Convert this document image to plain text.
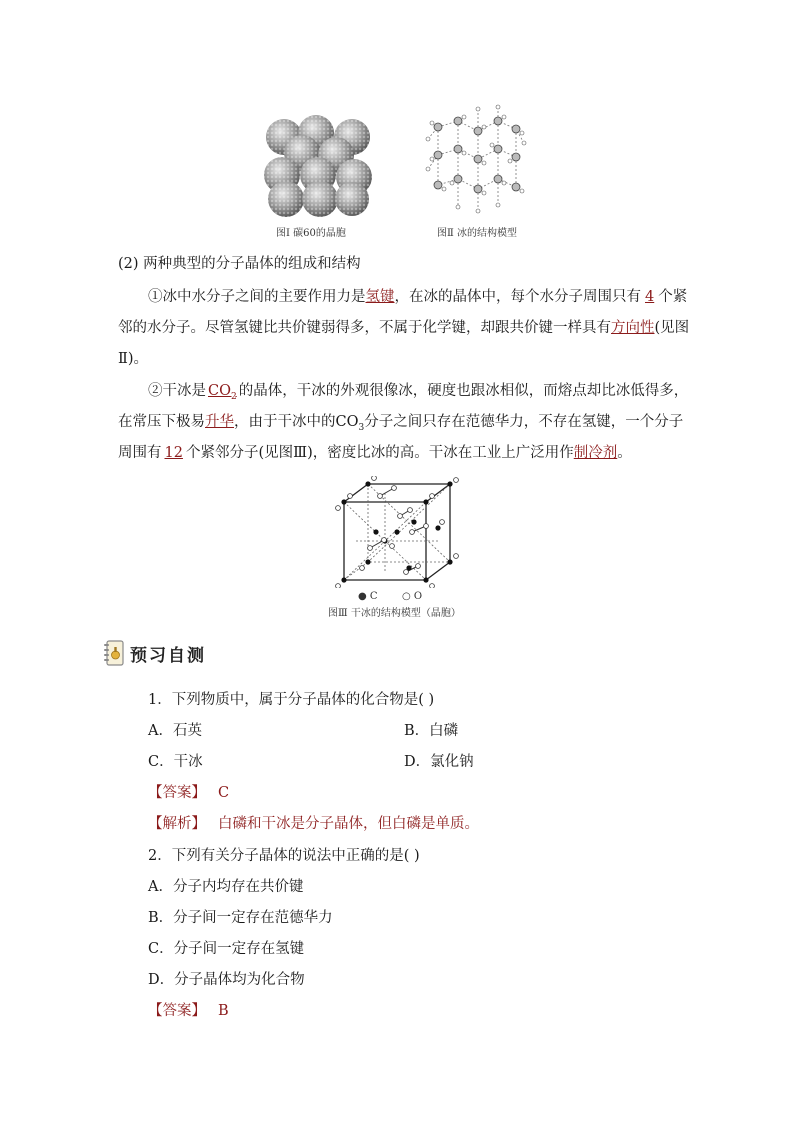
图Ⅰ 碳60的晶胞	图Ⅱ 冰的结构模型
(2) 两种典型的分子晶体的组成和结构
①冰中水分子之间的主要作用力是氢键，在冰的晶体中，每个水分子周围只有 4 个紧
邻的水分子。尽管氢键比共价键弱得多，不属于化学键，却跟共价键一样具有方向性(见图
Ⅱ)。
②干冰是 $CO_2$ 的晶体，干冰的外观很像冰，硬度也跟冰相似，而熔点却比冰低得多，
在常压下极易升华，由于干冰中的$CO_3$分子之间只存在范德华力，不存在氢键，一个分子
周围有 12 个紧邻分子(见图Ⅲ)，密度比冰的高。干冰在工业上广泛用作制冷剂。
● C ○ O
图Ⅲ 干冰的结构模型（晶胞）
预习自测
1．下列物质中，属于分子晶体的化合物是( )
A．石英	B．白磷
C．干冰	D．氯化钠
【答案】 C
【解析】 白磷和干冰是分子晶体，但白磷是单质。
2．下列有关分子晶体的说法中正确的是( )
A．分子内均存在共价键
B．分子间一定存在范德华力
C．分子间一定存在氢键
D．分子晶体均为化合物
【答案】 B
